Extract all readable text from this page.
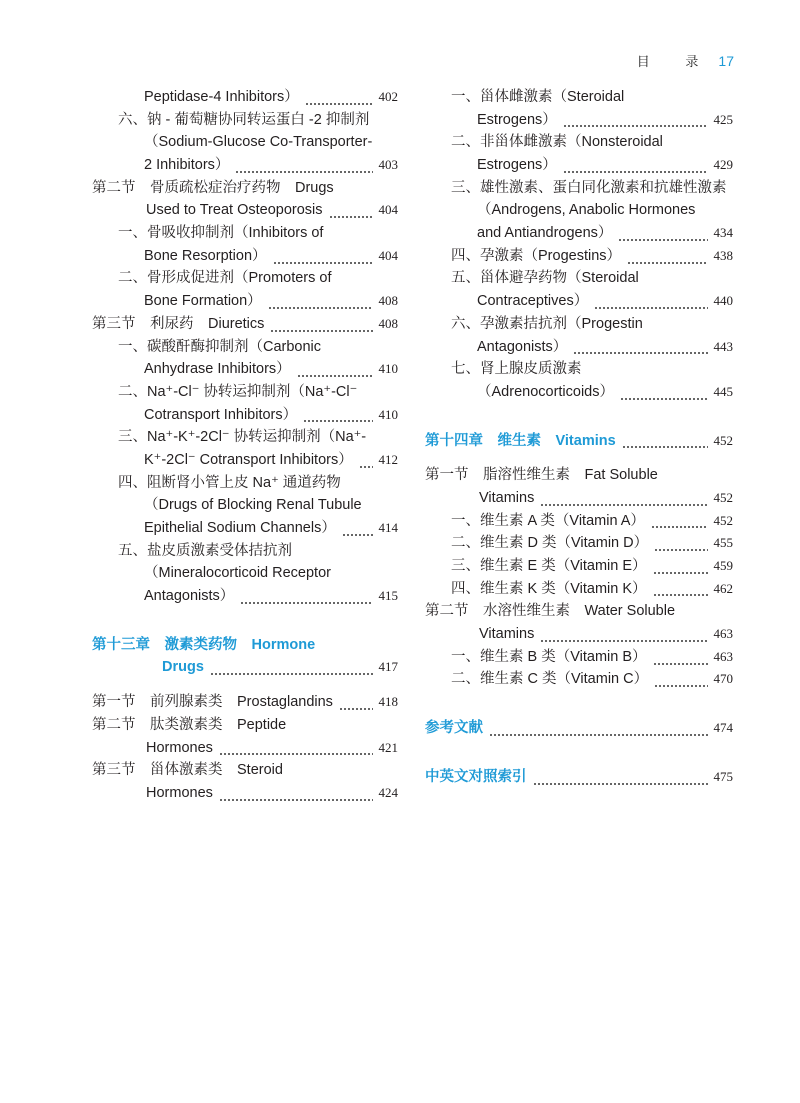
目 录 17
Peptidase-4 Inhibitors）	402
六、钠 - 葡萄糖协同转运蛋白 -2 抑制剂
（Sodium-Glucose Co-Transporter-
2 Inhibitors）	403
第二节　骨质疏松症治疗药物　Drugs
Used to Treat Osteoporosis	404
一、骨吸收抑制剂（Inhibitors of
Bone Resorption）	404
二、骨形成促进剂（Promoters of
Bone Formation）	408
第三节　利尿药　Diuretics	408
一、碳酸酐酶抑制剂（Carbonic
Anhydrase Inhibitors）	410
二、Na⁺-Cl⁻ 协转运抑制剂（Na⁺-Cl⁻
Cotransport Inhibitors）	410
三、Na⁺-K⁺-2Cl⁻ 协转运抑制剂（Na⁺-
K⁺-2Cl⁻ Cotransport Inhibitors） 412
四、阻断肾小管上皮 Na⁺ 通道药物
（Drugs of Blocking Renal Tubule
Epithelial Sodium Channels）	414
五、盐皮质激素受体拮抗剂
（Mineralocorticoid Receptor
Antagonists）	415
第十三章　激素类药物　Hormone
Drugs	417
第一节　前列腺素类　Prostaglandins	418
第二节　肽类激素类　Peptide
Hormones	421
第三节　甾体激素类　Steroid
Hormones	424
一、甾体雌激素（Steroidal
Estrogens）	425
二、非甾体雌激素（Nonsteroidal
Estrogens）	429
三、雄性激素、蛋白同化激素和抗雄性激素
（Androgens, Anabolic Hormones
and Antiandrogens）	434
四、孕激素（Progestins）	438
五、甾体避孕药物（Steroidal
Contraceptives）	440
六、孕激素拮抗剂（Progestin
Antagonists）	443
七、肾上腺皮质激素
（Adrenocorticoids）	445
第十四章　维生素　Vitamins	452
第一节　脂溶性维生素　Fat Soluble
Vitamins	452
一、维生素 A 类（Vitamin A）	452
二、维生素 D 类（Vitamin D）	455
三、维生素 E 类（Vitamin E）	459
四、维生素 K 类（Vitamin K）	462
第二节　水溶性维生素　Water Soluble
Vitamins	463
一、维生素 B 类（Vitamin B）	463
二、维生素 C 类（Vitamin C）	470
参考文献	474
中英文对照索引	475
